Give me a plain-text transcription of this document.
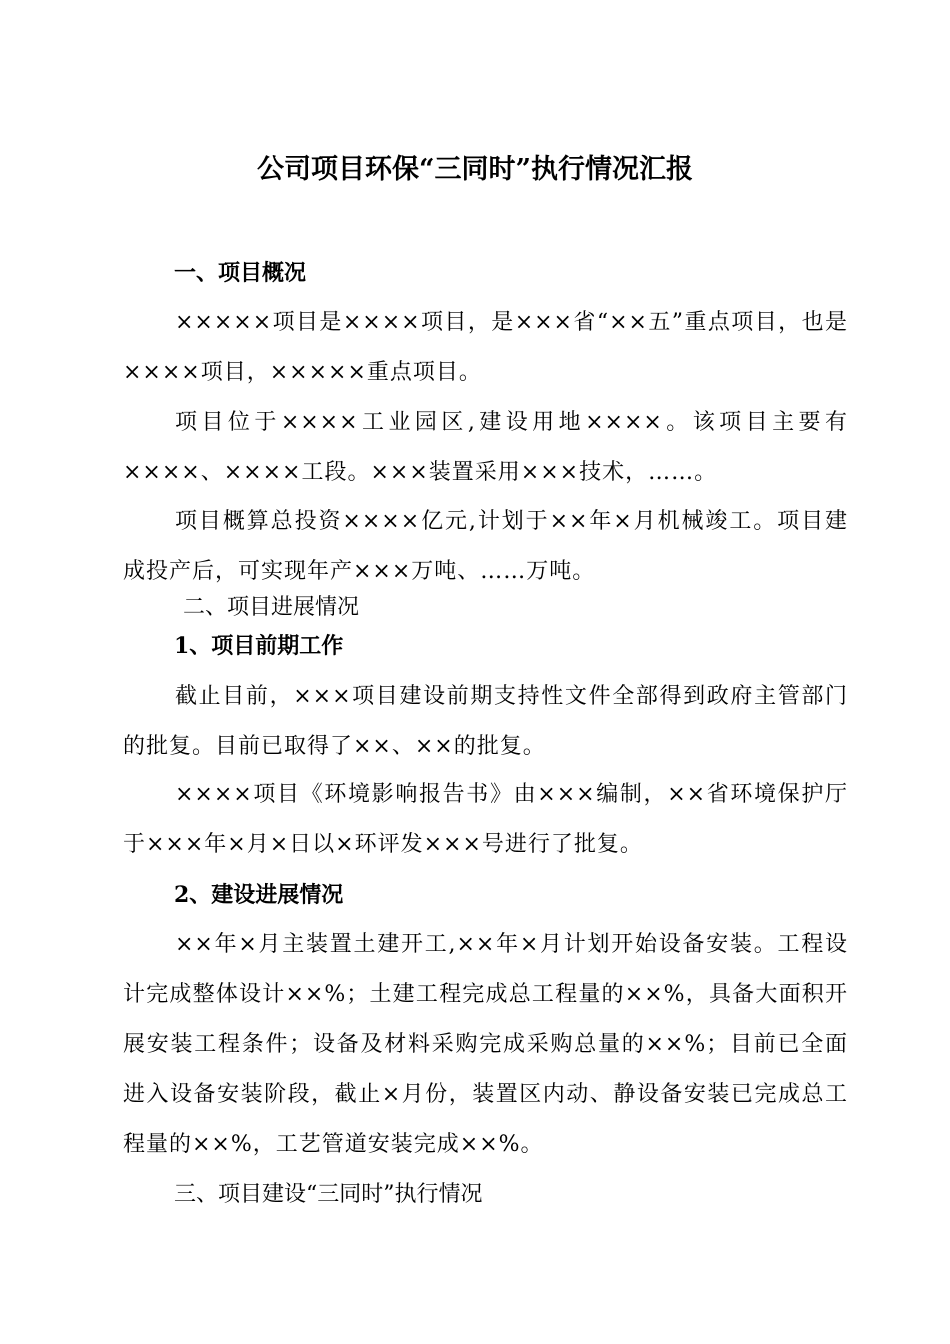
公司项目环保“三同时”执行情况汇报
一、项目概况
×××××项目是××××项目，是×××省“××五”重点项目，也是××××项目，×××××重点项目。
项目位于××××工业园区,建设用地××××。该项目主要有××××、××××工段。×××装置采用×××技术，……。
项目概算总投资××××亿元,计划于××年×月机械竣工。项目建成投产后，可实现年产×××万吨、……万吨。
二、项目进展情况
1、项目前期工作
截止目前，×××项目建设前期支持性文件全部得到政府主管部门的批复。目前已取得了××、××的批复。
××××项目《环境影响报告书》由×××编制，××省环境保护厅于×××年×月×日以×环评发×××号进行了批复。
2、建设进展情况
××年×月主装置土建开工,××年×月计划开始设备安装。工程设计完成整体设计××%；土建工程完成总工程量的××%，具备大面积开展安装工程条件；设备及材料采购完成采购总量的××%；目前已全面进入设备安装阶段，截止×月份，装置区内动、静设备安装已完成总工程量的××%，工艺管道安装完成××%。
三、项目建设“三同时”执行情况
